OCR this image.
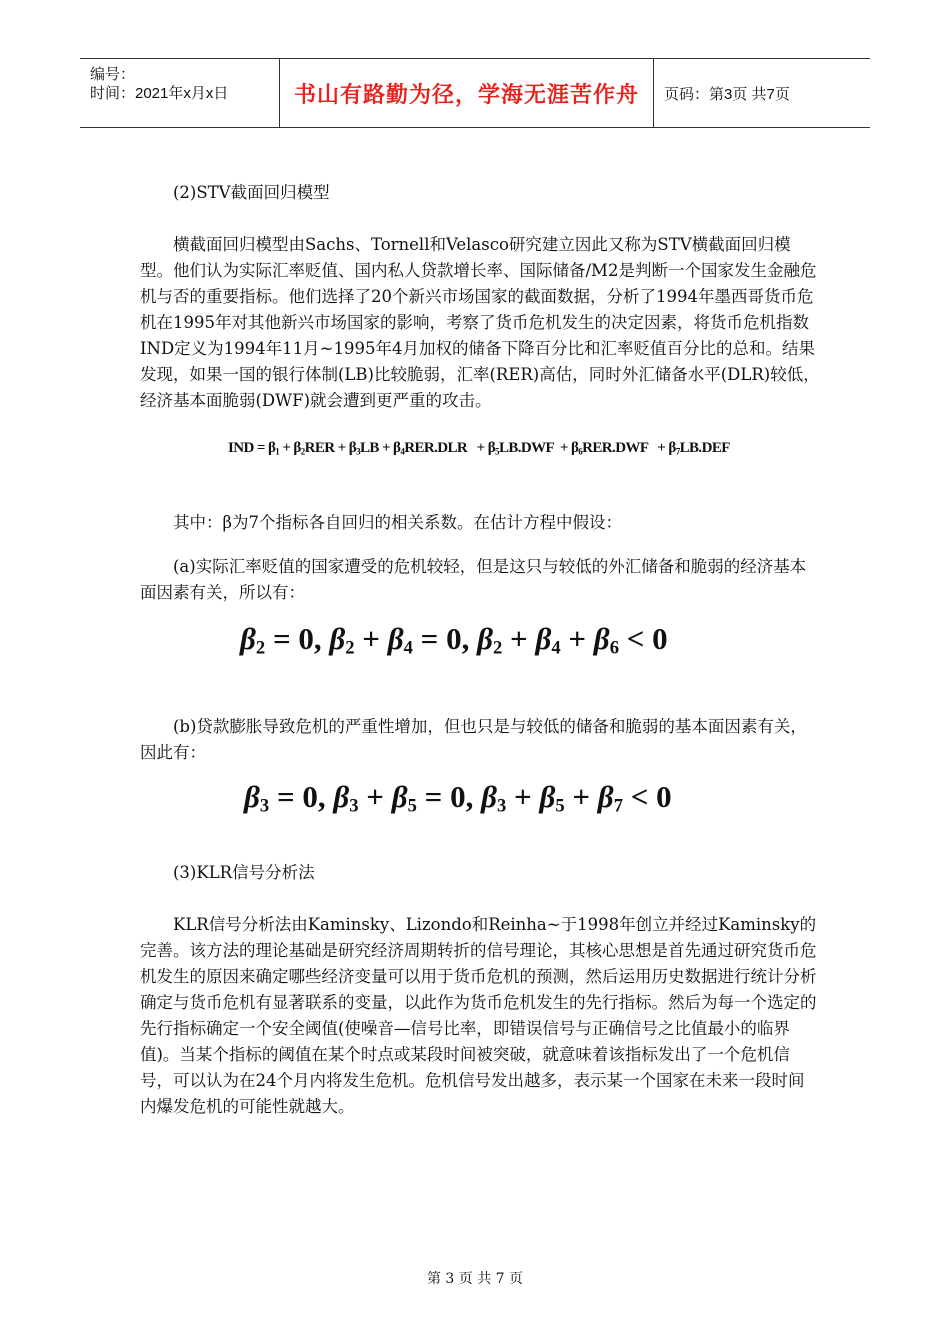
编号：
时间：2021年x月x日	书山有路勤为径，学海无涯苦作舟	页码：第3页 共7页

(2)STV截面回归模型

横截面回归模型由Sachs、Tornell和Velasco研究建立因此又称为STV横截面回归模型。他们认为实际汇率贬值、国内私人贷款增长率、国际储备/M2是判断一个国家发生金融危机与否的重要指标。他们选择了20个新兴市场国家的截面数据，分析了1994年墨西哥货币危机在1995年对其他新兴市场国家的影响，考察了货币危机发生的决定因素，将货币危机指数IND定义为1994年11月~1995年4月加权的储备下降百分比和汇率贬值百分比的总和。结果发现，如果一国的银行体制(LB)比较脆弱，汇率(RER)高估，同时外汇储备水平(DLR)较低，经济基本面脆弱(DWF)就会遭到更严重的攻击。

IND = $\beta_1 + \beta_2RER + \beta_3LB + \beta_4RER.DLR + \beta_5LB.DWF + \beta_6RER.DWF + \beta_7LB.DEF$

其中：β为7个指标各自回归的相关系数。在估计方程中假设：

(a)实际汇率贬值的国家遭受的危机较轻，但是这只与较低的外汇储备和脆弱的经济基本面因素有关，所以有：

$\beta_2 = 0$, $\beta_2 + \beta_4 = 0$, $\beta_2 + \beta_4 + \beta_6 < 0$

(b)贷款膨胀导致危机的严重性增加，但也只是与较低的储备和脆弱的基本面因素有关，因此有：

$\beta_3 = 0$, $\beta_3 + \beta_5 = 0$, $\beta_3 + \beta_5 + \beta_7 < 0$

(3)KLR信号分析法

KLR信号分析法由Kaminsky、Lizondo和Reinha~于1998年创立并经过Kaminsky的完善。该方法的理论基础是研究经济周期转折的信号理论，其核心思想是首先通过研究货币危机发生的原因来确定哪些经济变量可以用于货币危机的预测，然后运用历史数据进行统计分析确定与货币危机有显著联系的变量，以此作为货币危机发生的先行指标。然后为每一个选定的先行指标确定一个安全阈值(使噪音—信号比率，即错误信号与正确信号之比值最小的临界值)。当某个指标的阈值在某个时点或某段时间被突破，就意味着该指标发出了一个危机信号，可以认为在24个月内将发生危机。危机信号发出越多，表示某一个国家在未来一段时间内爆发危机的可能性就越大。

第 3 页 共 7 页
